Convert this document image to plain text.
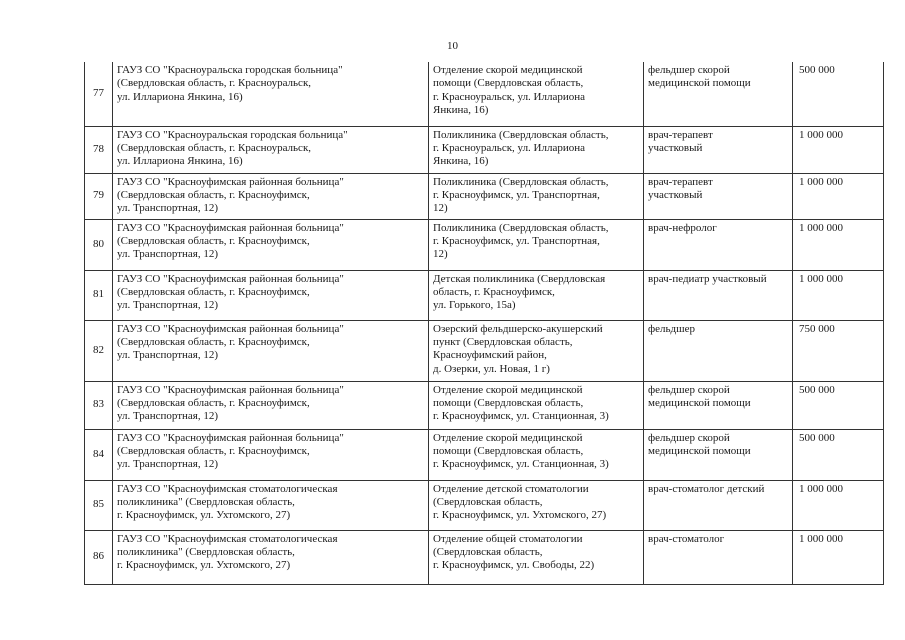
10
77	ГАУЗ СО "Красноуральска городская больница"
(Свердловская область, г. Красноуральск,
ул. Иллариона Янкина, 16)	Отделение скорой медицинской
помощи (Свердловская область,
г. Красноуральск, ул. Иллариона
Янкина, 16)	фельдшер скорой
медицинской помощи	500 000
78	ГАУЗ СО "Красноуральская городская больница"
(Свердловская область, г. Красноуральск,
ул. Иллариона Янкина, 16)	Поликлиника (Свердловская область,
г. Красноуральск, ул. Иллариона
Янкина, 16)	врач-терапевт
участковый	1 000 000
79	ГАУЗ СО "Красноуфимская районная больница"
(Свердловская область, г. Красноуфимск,
ул. Транспортная, 12)	Поликлиника (Свердловская область,
г. Красноуфимск, ул. Транспортная,
12)	врач-терапевт
участковый	1 000 000
80	ГАУЗ СО "Красноуфимская районная больница"
(Свердловская область, г. Красноуфимск,
ул. Транспортная, 12)	Поликлиника (Свердловская область,
г. Красноуфимск, ул. Транспортная,
12)	врач-нефролог	1 000 000
81	ГАУЗ СО "Красноуфимская районная больница"
(Свердловская область, г. Красноуфимск,
ул. Транспортная, 12)	Детская поликлиника (Свердловская
область, г. Красноуфимск,
ул. Горького, 15а)	врач-педиатр участковый	1 000 000
82	ГАУЗ СО "Красноуфимская районная больница"
(Свердловская область, г. Красноуфимск,
ул. Транспортная, 12)	Озерский фельдшерско-акушерский
пункт (Свердловская область,
Красноуфимский район,
д. Озерки, ул. Новая, 1 г)	фельдшер	750 000
83	ГАУЗ СО "Красноуфимская районная больница"
(Свердловская область, г. Красноуфимск,
ул. Транспортная, 12)	Отделение скорой медицинской
помощи (Свердловская область,
г. Красноуфимск, ул. Станционная, 3)	фельдшер скорой
медицинской помощи	500 000
84	ГАУЗ СО "Красноуфимская районная больница"
(Свердловская область, г. Красноуфимск,
ул. Транспортная, 12)	Отделение скорой медицинской
помощи (Свердловская область,
г. Красноуфимск, ул. Станционная, 3)	фельдшер скорой
медицинской помощи	500 000
85	ГАУЗ СО "Красноуфимская стоматологическая
поликлиника" (Свердловская область,
г. Красноуфимск, ул. Ухтомского, 27)	Отделение детской стоматологии
(Свердловская область,
г. Красноуфимск, ул. Ухтомского, 27)	врач-стоматолог детский	1 000 000
86	ГАУЗ СО "Красноуфимская стоматологическая
поликлиника" (Свердловская область,
г. Красноуфимск, ул. Ухтомского, 27)	Отделение общей стоматологии
(Свердловская область,
г. Красноуфимск, ул. Свободы, 22)	врач-стоматолог	1 000 000
